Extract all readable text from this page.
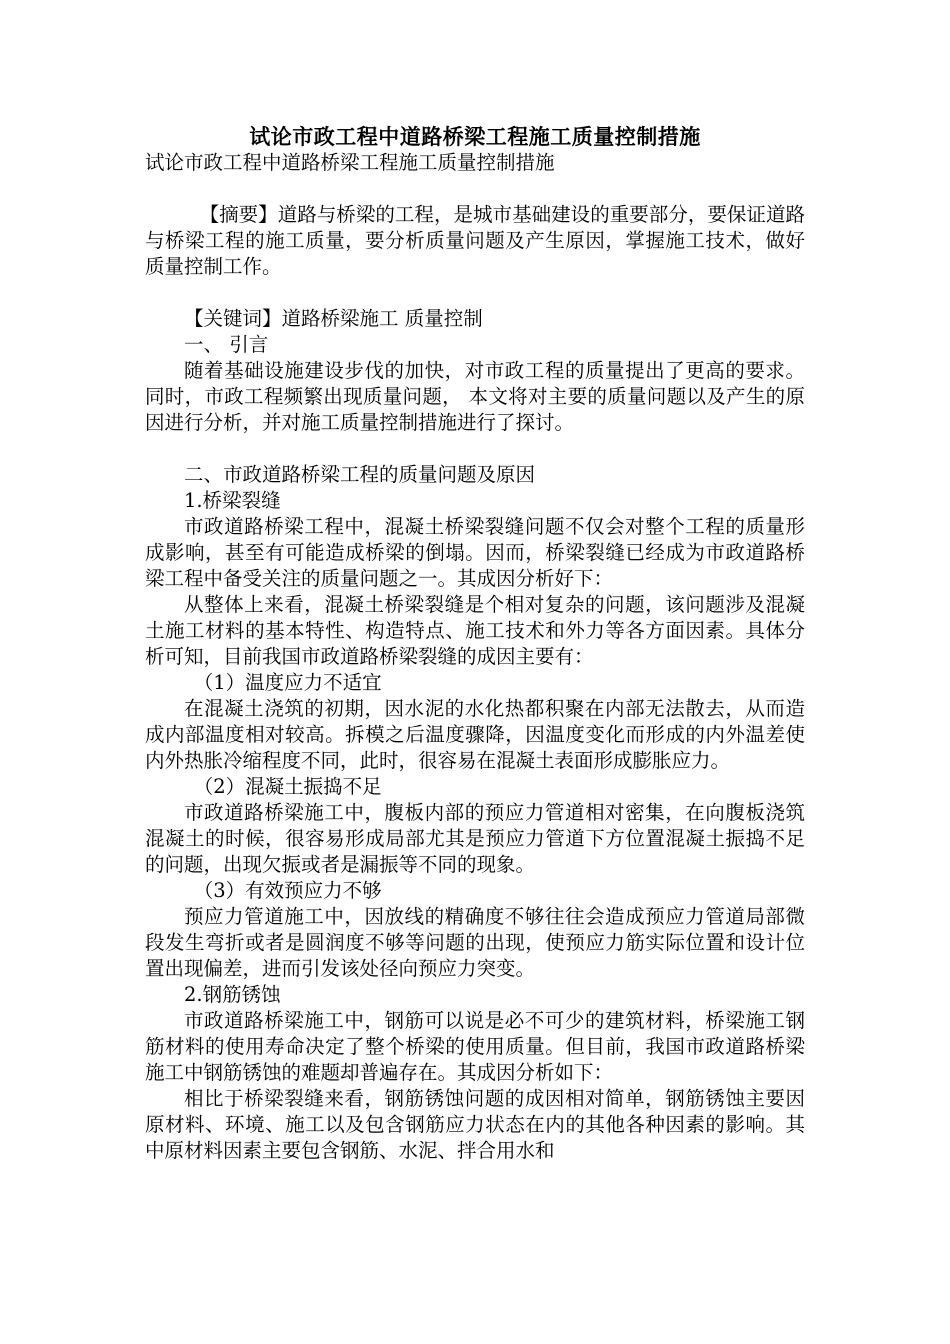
试论市政工程中道路桥梁工程施工质量控制措施

试论市政工程中道路桥梁工程施工质量控制措施

【摘要】道路与桥梁的工程，是城市基础建设的重要部分，要保证道路与桥梁工程的施工质量，要分析质量问题及产生原因，掌握施工技术，做好质量控制工作。

【关键词】道路桥梁施工 质量控制

一、 引言

随着基础设施建设步伐的加快，对市政工程的质量提出了更高的要求。同时，市政工程频繁出现质量问题， 本文将对主要的质量问题以及产生的原因进行分析，并对施工质量控制措施进行了探讨。

二、市政道路桥梁工程的质量问题及原因

1.桥梁裂缝

市政道路桥梁工程中，混凝土桥梁裂缝问题不仅会对整个工程的质量形成影响，甚至有可能造成桥梁的倒塌。因而，桥梁裂缝已经成为市政道路桥梁工程中备受关注的质量问题之一。其成因分析好下：

从整体上来看，混凝土桥梁裂缝是个相对复杂的问题，该问题涉及混凝土施工材料的基本特性、构造特点、施工技术和外力等各方面因素。具体分析可知，目前我国市政道路桥梁裂缝的成因主要有：

（1）温度应力不适宜

在混凝土浇筑的初期，因水泥的水化热都积聚在内部无法散去，从而造成内部温度相对较高。拆模之后温度骤降，因温度变化而形成的内外温差使内外热胀冷缩程度不同，此时，很容易在混凝土表面形成膨胀应力。

（2）混凝土振捣不足

市政道路桥梁施工中，腹板内部的预应力管道相对密集，在向腹板浇筑混凝土的时候，很容易形成局部尤其是预应力管道下方位置混凝土振捣不足的问题，出现欠振或者是漏振等不同的现象。

（3）有效预应力不够

预应力管道施工中，因放线的精确度不够往往会造成预应力管道局部微段发生弯折或者是圆润度不够等问题的出现，使预应力筋实际位置和设计位置出现偏差，进而引发该处径向预应力突变。

2.钢筋锈蚀

市政道路桥梁施工中，钢筋可以说是必不可少的建筑材料，桥梁施工钢筋材料的使用寿命决定了整个桥梁的使用质量。但目前，我国市政道路桥梁施工中钢筋锈蚀的难题却普遍存在。其成因分析如下：

相比于桥梁裂缝来看，钢筋锈蚀问题的成因相对简单，钢筋锈蚀主要因原材料、环境、施工以及包含钢筋应力状态在内的其他各种因素的影响。其中原材料因素主要包含钢筋、水泥、拌合用水和
